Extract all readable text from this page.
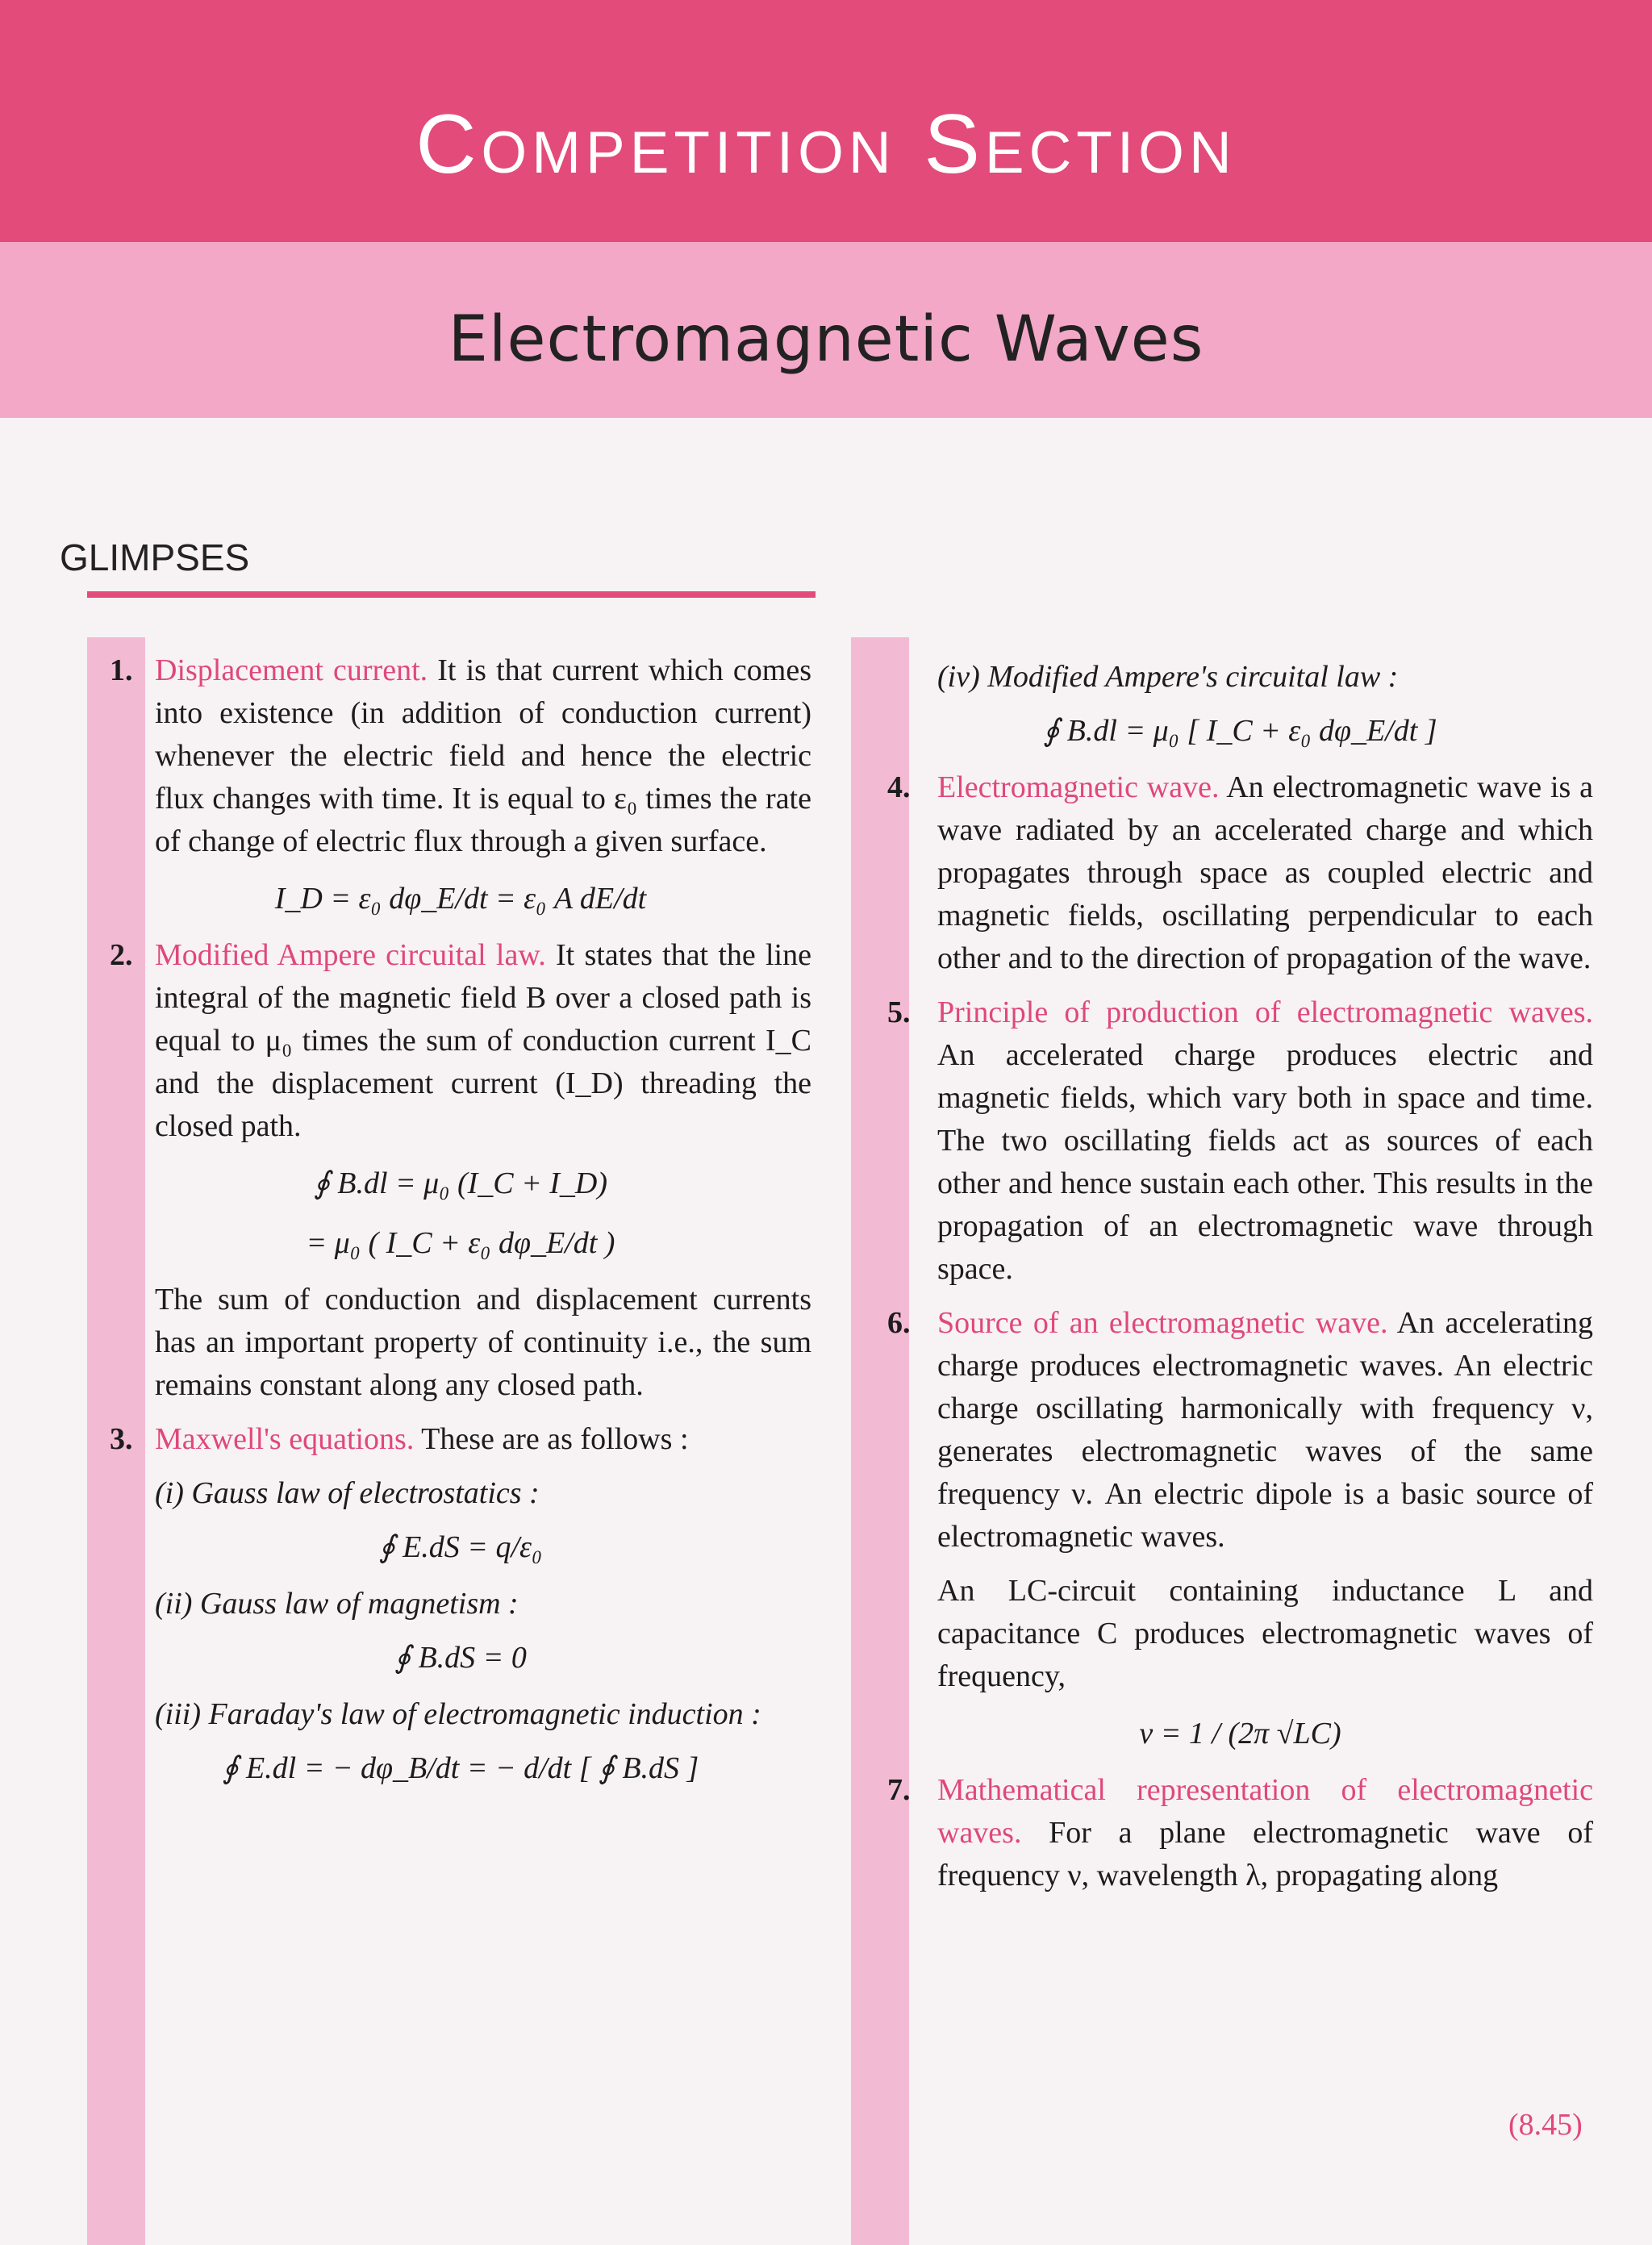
Competition Section
Electromagnetic Waves
GLIMPSES
1. Displacement current. It is that current which comes into existence (in addition of conduction current) whenever the electric field and hence the electric flux changes with time. It is equal to ε₀ times the rate of change of electric flux through a given surface.
I_D = ε₀ dφ_E/dt = ε₀ A dE/dt
2. Modified Ampere circuital law. It states that the line integral of the magnetic field B over a closed path is equal to μ₀ times the sum of conduction current I_C and the displacement current (I_D) threading the closed path.
∮ B.dl = μ₀ (I_C + I_D)
= μ₀ ( I_C + ε₀ dφ_E/dt )
The sum of conduction and displacement currents has an important property of continuity i.e., the sum remains constant along any closed path.
3. Maxwell's equations. These are as follows :
(i) Gauss law of electrostatics :
∮ E.dS = q/ε₀
(ii) Gauss law of magnetism :
∮ B.dS = 0
(iii) Faraday's law of electromagnetic induction :
∮ E.dl = − dφ_B/dt = − d/dt [ ∮ B.dS ]
(iv) Modified Ampere's circuital law :
∮ B.dl = μ₀ [ I_C + ε₀ dφ_E/dt ]
4. Electromagnetic wave. An electromagnetic wave is a wave radiated by an accelerated charge and which propagates through space as coupled electric and magnetic fields, oscillating perpendicular to each other and to the direction of propagation of the wave.
5. Principle of production of electromagnetic waves. An accelerated charge produces electric and magnetic fields, which vary both in space and time. The two oscillating fields act as sources of each other and hence sustain each other. This results in the propagation of an electromagnetic wave through space.
6. Source of an electromagnetic wave. An accelerating charge produces electromagnetic waves. An electric charge oscillating harmonically with frequency ν, generates electromagnetic waves of the same frequency ν. An electric dipole is a basic source of electromagnetic waves.
An LC-circuit containing inductance L and capacitance C produces electromagnetic waves of frequency,
ν = 1 / (2π √LC)
7. Mathematical representation of electromagnetic waves. For a plane electromagnetic wave of frequency ν, wavelength λ, propagating along
(8.45)
